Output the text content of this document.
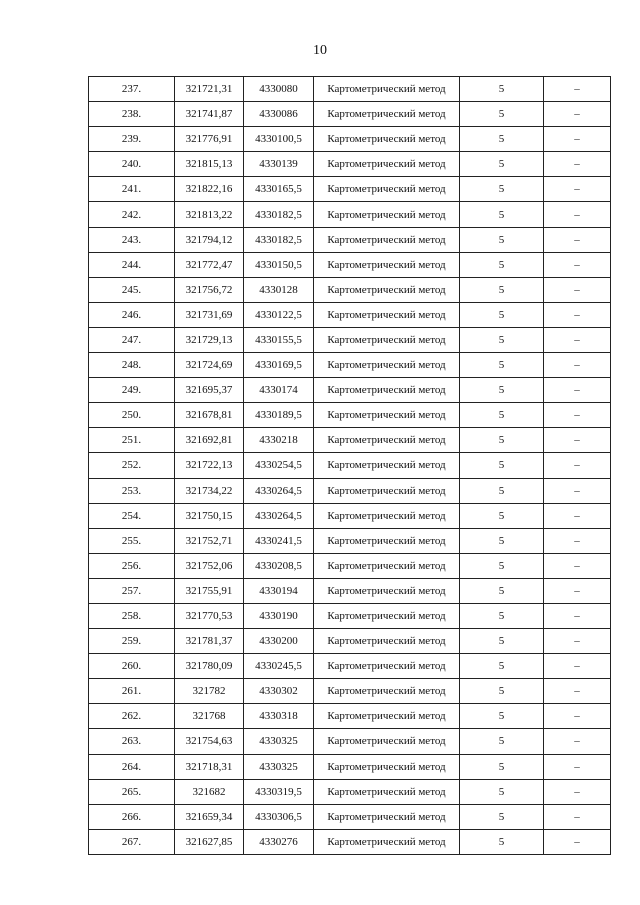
10
237.	321721,31	4330080	Картометрический метод	5	–
238.	321741,87	4330086	Картометрический метод	5	–
239.	321776,91	4330100,5	Картометрический метод	5	–
240.	321815,13	4330139	Картометрический метод	5	–
241.	321822,16	4330165,5	Картометрический метод	5	–
242.	321813,22	4330182,5	Картометрический метод	5	–
243.	321794,12	4330182,5	Картометрический метод	5	–
244.	321772,47	4330150,5	Картометрический метод	5	–
245.	321756,72	4330128	Картометрический метод	5	–
246.	321731,69	4330122,5	Картометрический метод	5	–
247.	321729,13	4330155,5	Картометрический метод	5	–
248.	321724,69	4330169,5	Картометрический метод	5	–
249.	321695,37	4330174	Картометрический метод	5	–
250.	321678,81	4330189,5	Картометрический метод	5	–
251.	321692,81	4330218	Картометрический метод	5	–
252.	321722,13	4330254,5	Картометрический метод	5	–
253.	321734,22	4330264,5	Картометрический метод	5	–
254.	321750,15	4330264,5	Картометрический метод	5	–
255.	321752,71	4330241,5	Картометрический метод	5	–
256.	321752,06	4330208,5	Картометрический метод	5	–
257.	321755,91	4330194	Картометрический метод	5	–
258.	321770,53	4330190	Картометрический метод	5	–
259.	321781,37	4330200	Картометрический метод	5	–
260.	321780,09	4330245,5	Картометрический метод	5	–
261.	321782	4330302	Картометрический метод	5	–
262.	321768	4330318	Картометрический метод	5	–
263.	321754,63	4330325	Картометрический метод	5	–
264.	321718,31	4330325	Картометрический метод	5	–
265.	321682	4330319,5	Картометрический метод	5	–
266.	321659,34	4330306,5	Картометрический метод	5	–
267.	321627,85	4330276	Картометрический метод	5	–
